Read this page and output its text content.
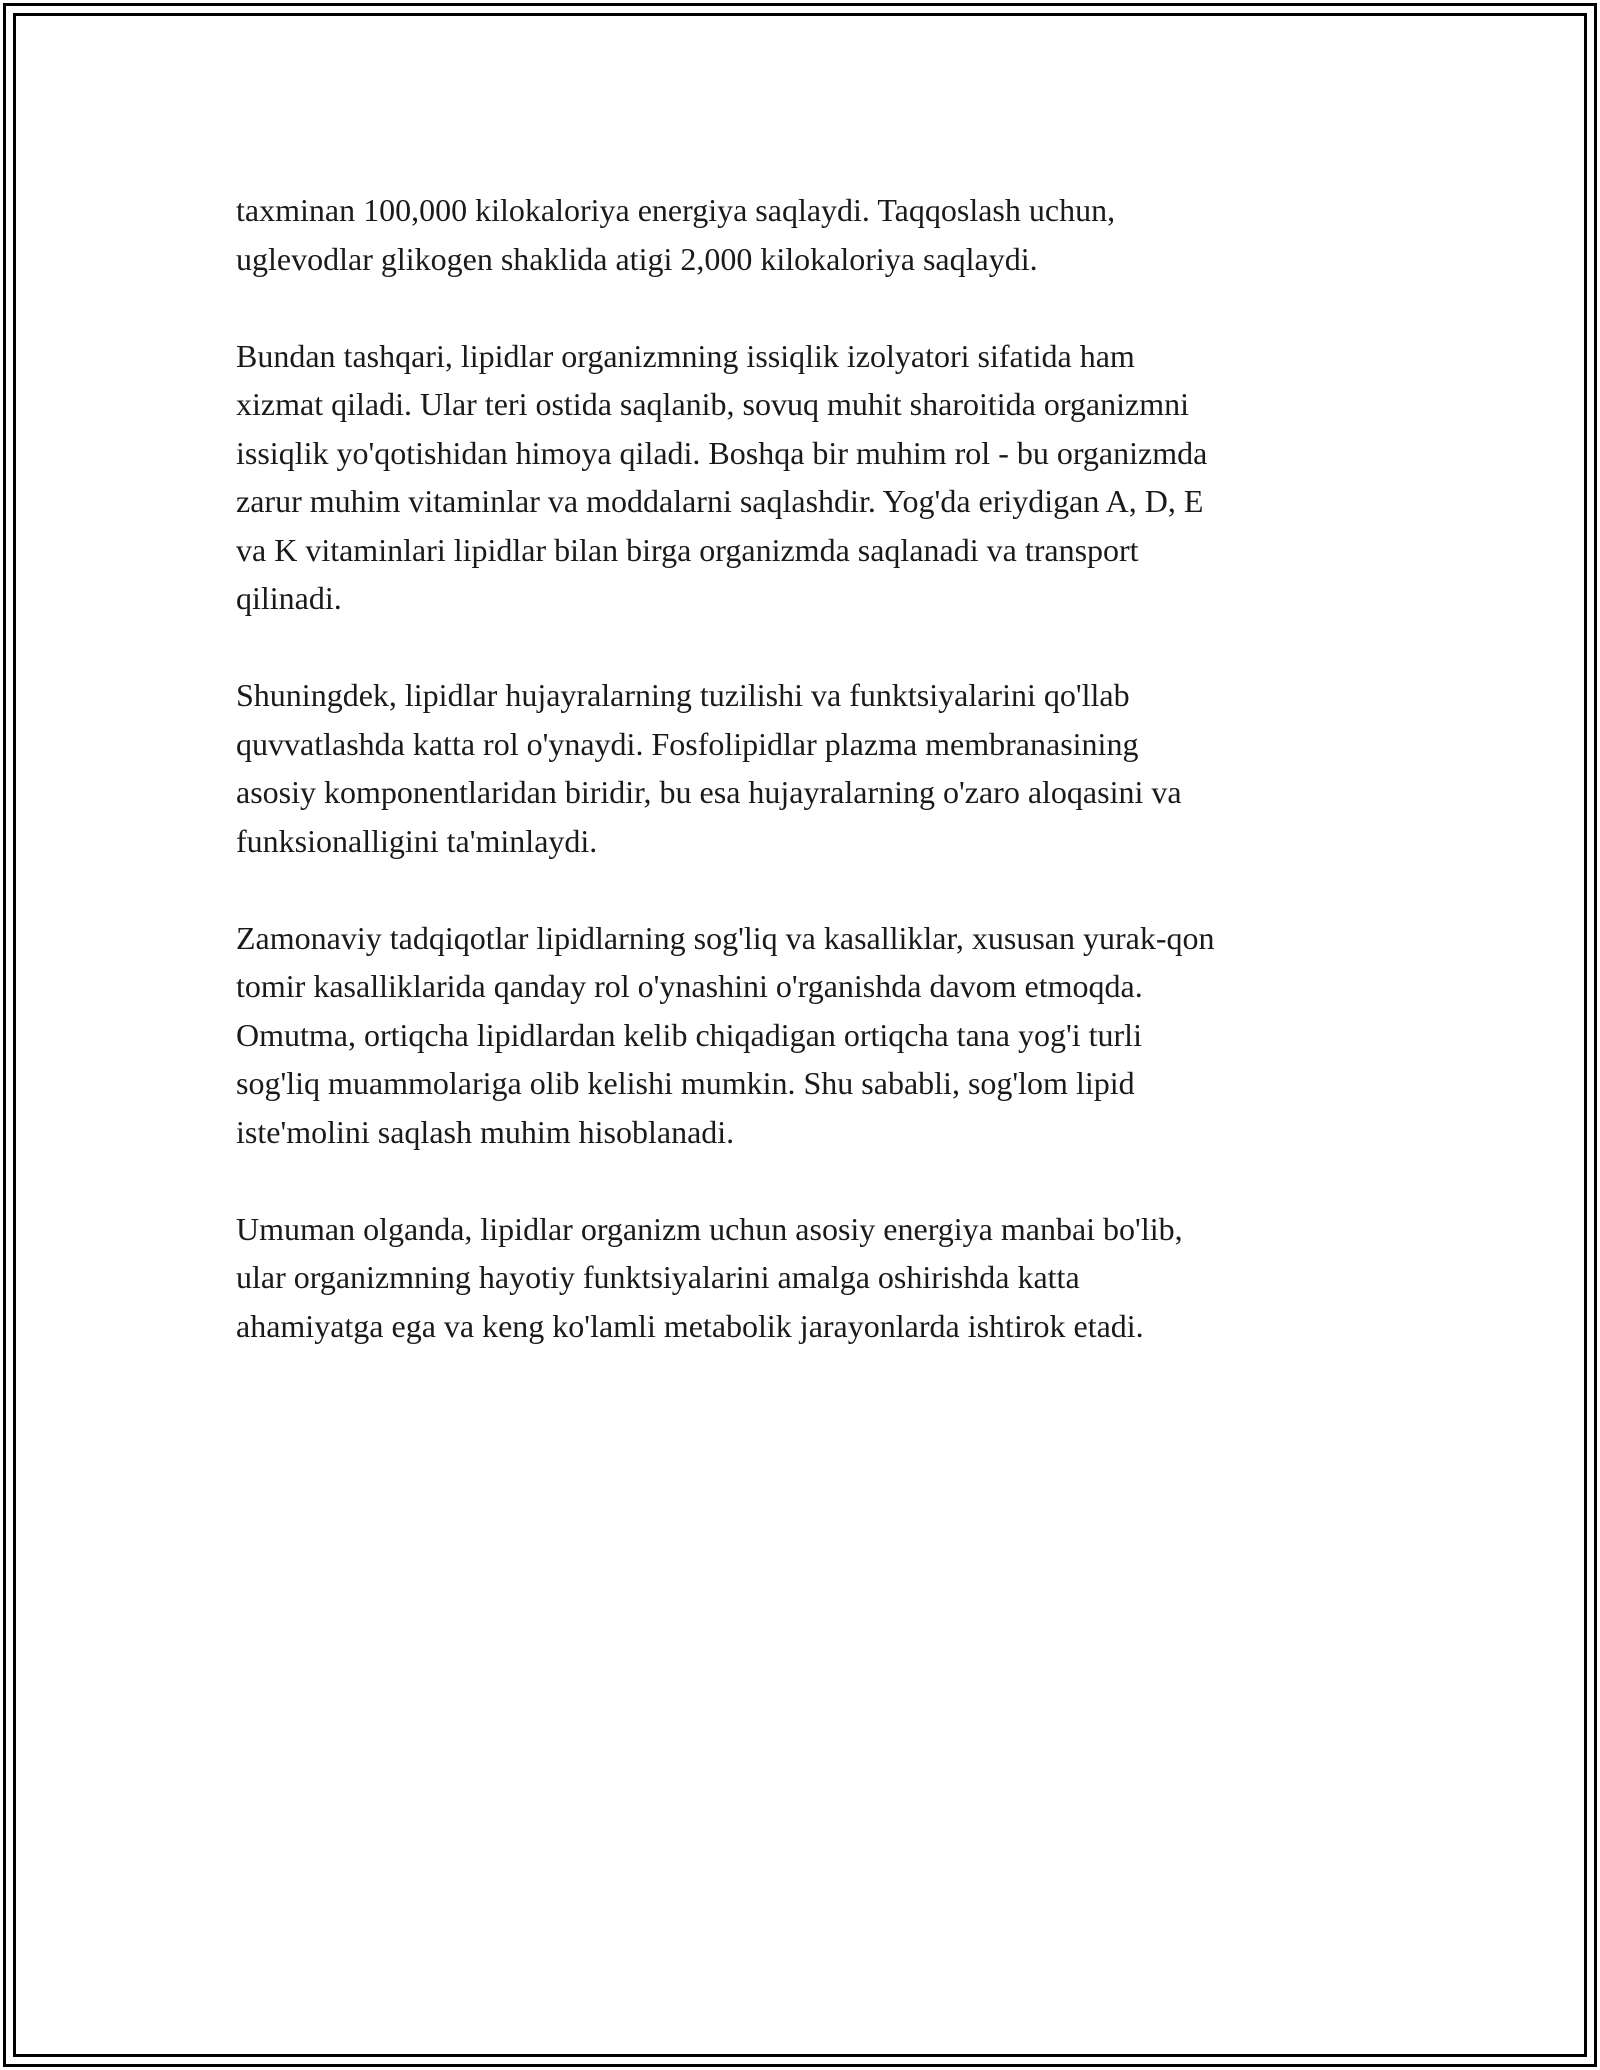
taxminan 100,000 kilokaloriya energiya saqlaydi. Taqqoslash uchun,
uglevodlar glikogen shaklida atigi 2,000 kilokaloriya saqlaydi.

Bundan tashqari, lipidlar organizmning issiqlik izolyatori sifatida ham
xizmat qiladi. Ular teri ostida saqlanib, sovuq muhit sharoitida organizmni
issiqlik yo'qotishidan himoya qiladi. Boshqa bir muhim rol - bu organizmda
zarur muhim vitaminlar va moddalarni saqlashdir. Yog'da eriydigan A, D, E
va K vitaminlari lipidlar bilan birga organizmda saqlanadi va transport
qilinadi.

Shuningdek, lipidlar hujayralarning tuzilishi va funktsiyalarini qo'llab
quvvatlashda katta rol o'ynaydi. Fosfolipidlar plazma membranasining
asosiy komponentlaridan biridir, bu esa hujayralarning o'zaro aloqasini va
funksionalligini ta'minlaydi.

Zamonaviy tadqiqotlar lipidlarning sog'liq va kasalliklar, xususan yurak-qon
tomir kasalliklarida qanday rol o'ynashini o'rganishda davom etmoqda.
Omutma, ortiqcha lipidlardan kelib chiqadigan ortiqcha tana yog'i turli
sog'liq muammolariga olib kelishi mumkin. Shu sababli, sog'lom lipid
iste'molini saqlash muhim hisoblanadi.

Umuman olganda, lipidlar organizm uchun asosiy energiya manbai bo'lib,
ular organizmning hayotiy funktsiyalarini amalga oshirishda katta
ahamiyatga ega va keng ko'lamli metabolik jarayonlarda ishtirok etadi.
